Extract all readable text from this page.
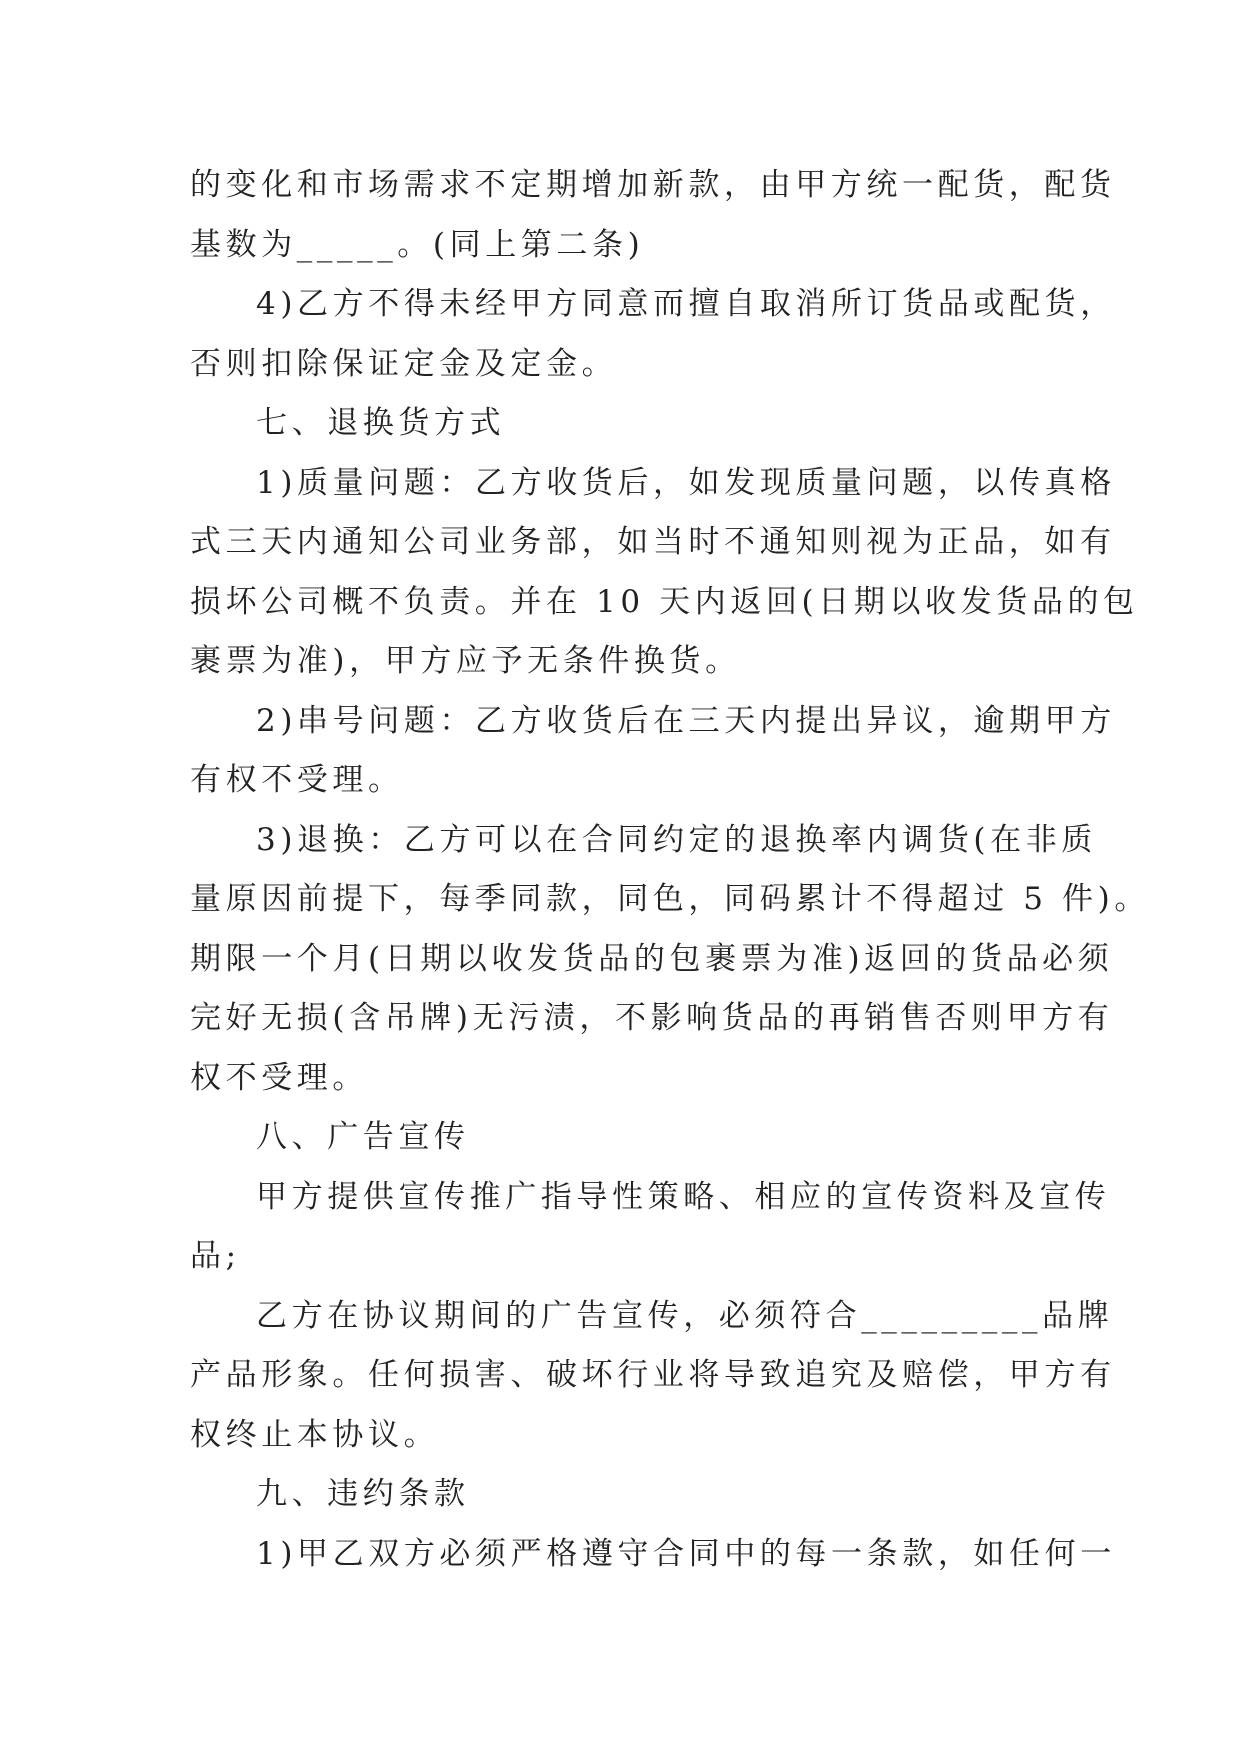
的变化和市场需求不定期增加新款，由甲方统一配货，配货
基数为_____。(同上第二条)
4)乙方不得未经甲方同意而擅自取消所订货品或配货，
否则扣除保证定金及定金。
七、退换货方式
1)质量问题：乙方收货后，如发现质量问题，以传真格
式三天内通知公司业务部，如当时不通知则视为正品，如有
损坏公司概不负责。并在 10 天内返回(日期以收发货品的包
裹票为准)，甲方应予无条件换货。
2)串号问题：乙方收货后在三天内提出异议，逾期甲方
有权不受理。
3)退换：乙方可以在合同约定的退换率内调货(在非质
量原因前提下，每季同款，同色，同码累计不得超过 5 件)。
期限一个月(日期以收发货品的包裹票为准)返回的货品必须
完好无损(含吊牌)无污渍，不影响货品的再销售否则甲方有
权不受理。
八、广告宣传
甲方提供宣传推广指导性策略、相应的宣传资料及宣传
品;
乙方在协议期间的广告宣传，必须符合_________品牌
产品形象。任何损害、破坏行业将导致追究及赔偿，甲方有
权终止本协议。
九、违约条款
1)甲乙双方必须严格遵守合同中的每一条款，如任何一
